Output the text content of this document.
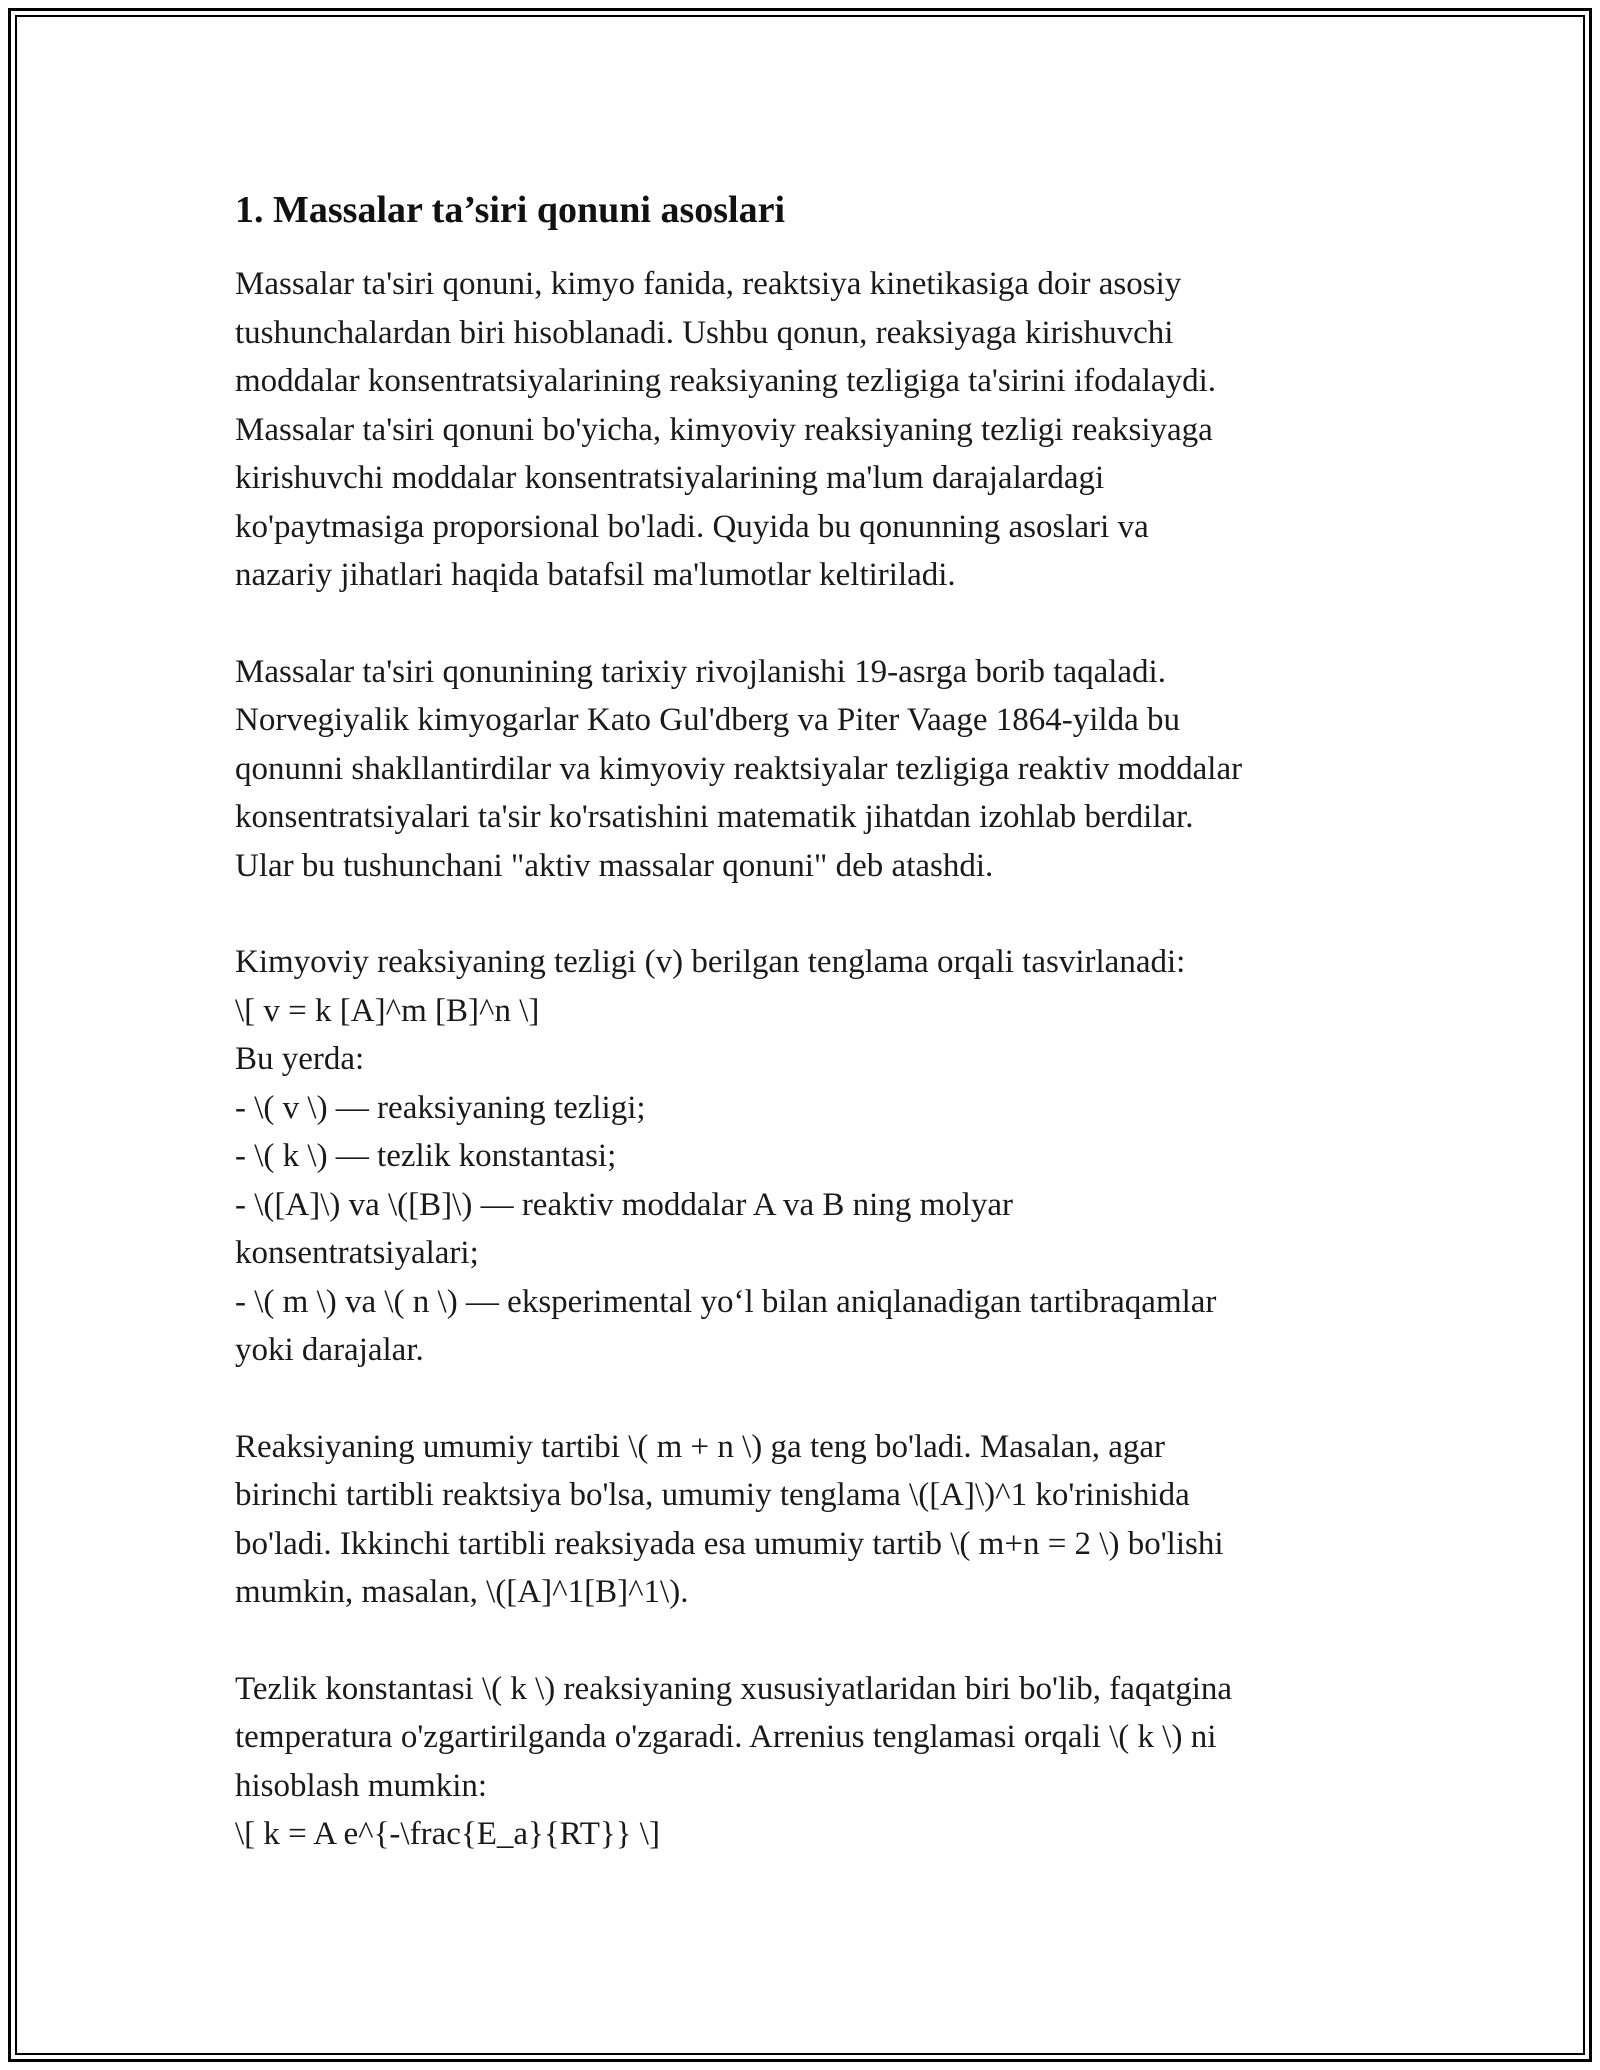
1. Massalar ta’siri qonuni asoslari

Massalar ta'siri qonuni, kimyo fanida, reaktsiya kinetikasiga doir asosiy
tushunchalardan biri hisoblanadi. Ushbu qonun, reaksiyaga kirishuvchi
moddalar konsentratsiyalarining reaksiyaning tezligiga ta'sirini ifodalaydi.
Massalar ta'siri qonuni bo'yicha, kimyoviy reaksiyaning tezligi reaksiyaga
kirishuvchi moddalar konsentratsiyalarining ma'lum darajalardagi
ko'paytmasiga proporsional bo'ladi. Quyida bu qonunning asoslari va
nazariy jihatlari haqida batafsil ma'lumotlar keltiriladi.

Massalar ta'siri qonunining tarixiy rivojlanishi 19-asrga borib taqaladi.
Norvegiyalik kimyogarlar Kato Gul'dberg va Piter Vaage 1864-yilda bu
qonunni shakllantirdilar va kimyoviy reaktsiyalar tezligiga reaktiv moddalar
konsentratsiyalari ta'sir ko'rsatishini matematik jihatdan izohlab berdilar.
Ular bu tushunchani "aktiv massalar qonuni" deb atashdi.

Kimyoviy reaksiyaning tezligi (v) berilgan tenglama orqali tasvirlanadi:
\[ v = k [A]^m [B]^n \]
Bu yerda:
- \( v \) — reaksiyaning tezligi;
- \( k \) — tezlik konstantasi;
- \([A]\) va \([B]\) — reaktiv moddalar A va B ning molyar
konsentratsiyalari;
- \( m \) va \( n \) — eksperimental yo‘l bilan aniqlanadigan tartibraqamlar
yoki darajalar.

Reaksiyaning umumiy tartibi \( m + n \) ga teng bo'ladi. Masalan, agar
birinchi tartibli reaktsiya bo'lsa, umumiy tenglama \([A]\)^1 ko'rinishida
bo'ladi. Ikkinchi tartibli reaksiyada esa umumiy tartib \( m+n = 2 \) bo'lishi
mumkin, masalan, \([A]^1[B]^1\).

Tezlik konstantasi \( k \) reaksiyaning xususiyatlaridan biri bo'lib, faqatgina
temperatura o'zgartirilganda o'zgaradi. Arrenius tenglamasi orqali \( k \) ni
hisoblash mumkin:
\[ k = A e^{-\frac{E_a}{RT}} \]
